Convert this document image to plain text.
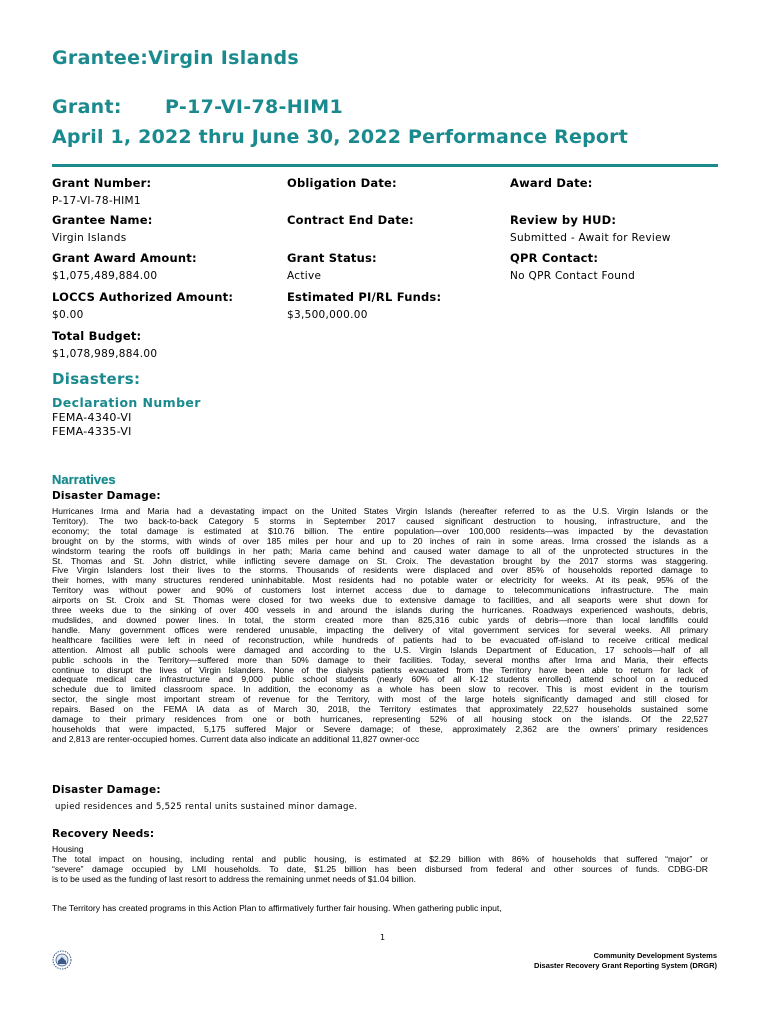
Grantee:Virgin Islands
Grant: P-17-VI-78-HIM1
April 1, 2022 thru June 30, 2022 Performance Report
Grant Number:
P-17-VI-78-HIM1
Obligation Date:	Award Date:
Grantee Name:
Virgin Islands
Contract End Date:	Review by HUD:
Submitted - Await for Review
Grant Award Amount:
$1,075,489,884.00
Grant Status:
Active
QPR Contact:
No QPR Contact Found
LOCCS Authorized Amount:
$0.00
Estimated PI/RL Funds:
$3,500,000.00
Total Budget:
$1,078,989,884.00
Disasters:
Declaration Number
FEMA-4340-VI
FEMA-4335-VI
Narratives
Disaster Damage:
Hurricanes Irma and Maria had a devastating impact on the United States Virgin Islands (hereafter referred to as the U.S. Virgin Islands or the
Territory). The two back-to-back Category 5 storms in September 2017 caused significant destruction to housing, infrastructure, and the
economy; the total damage is estimated at $10.76 billion. The entire population—over 100,000 residents—was impacted by the devastation
brought on by the storms, with winds of over 185 miles per hour and up to 20 inches of rain in some areas. Irma crossed the islands as a
windstorm tearing the roofs off buildings in her path; Maria came behind and caused water damage to all of the unprotected structures in the
St. Thomas and St. John district, while inflicting severe damage on St. Croix. The devastation brought by the 2017 storms was staggering.
Five Virgin Islanders lost their lives to the storms. Thousands of residents were displaced and over 85% of households reported damage to
their homes, with many structures rendered uninhabitable. Most residents had no potable water or electricity for weeks. At its peak, 95% of the
Territory was without power and 90% of customers lost internet access due to damage to telecommunications infrastructure. The main
airports on St. Croix and St. Thomas were closed for two weeks due to extensive damage to facilities, and all seaports were shut down for
three weeks due to the sinking of over 400 vessels in and around the islands during the hurricanes. Roadways experienced washouts, debris,
mudslides, and downed power lines. In total, the storm created more than 825,316 cubic yards of debris—more than local landfills could
handle. Many government offices were rendered unusable, impacting the delivery of vital government services for several weeks. All primary
healthcare facilities were left in need of reconstruction, while hundreds of patients had to be evacuated off-island to receive critical medical
attention. Almost all public schools were damaged and according to the U.S. Virgin Islands Department of Education, 17 schools—half of all
public schools in the Territory—suffered more than 50% damage to their facilities. Today, several months after Irma and Maria, their effects
continue to disrupt the lives of Virgin Islanders. None of the dialysis patients evacuated from the Territory have been able to return for lack of
adequate medical care infrastructure and 9,000 public school students (nearly 60% of all K-12 students enrolled) attend school on a reduced
schedule due to limited classroom space. In addition, the economy as a whole has been slow to recover. This is most evident in the tourism
sector, the single most important stream of revenue for the Territory, with most of the large hotels significantly damaged and still closed for
repairs. Based on the FEMA IA data as of March 30, 2018, the Territory estimates that approximately 22,527 households sustained some
damage to their primary residences from one or both hurricanes, representing 52% of all housing stock on the islands. Of the 22,527
households that were impacted, 5,175 suffered Major or Severe damage; of these, approximately 2,362 are the owners’ primary residences
and 2,813 are renter-occupied homes. Current data also indicate an additional 11,827 owner-occ
Disaster Damage:
upied residences and 5,525 rental units sustained minor damage.
Recovery Needs:
Housing
The total impact on housing, including rental and public housing, is estimated at $2.29 billion with 86% of households that suffered “major” or
“severe” damage occupied by LMI households. To date, $1.25 billion has been disbursed from federal and other sources of funds. CDBG-DR
is to be used as the funding of last resort to address the remaining unmet needs of $1.04 billion.
The Territory has created programs in this Action Plan to affirmatively further fair housing. When gathering public input,
1
Community Development Systems
Disaster Recovery Grant Reporting System (DRGR)
